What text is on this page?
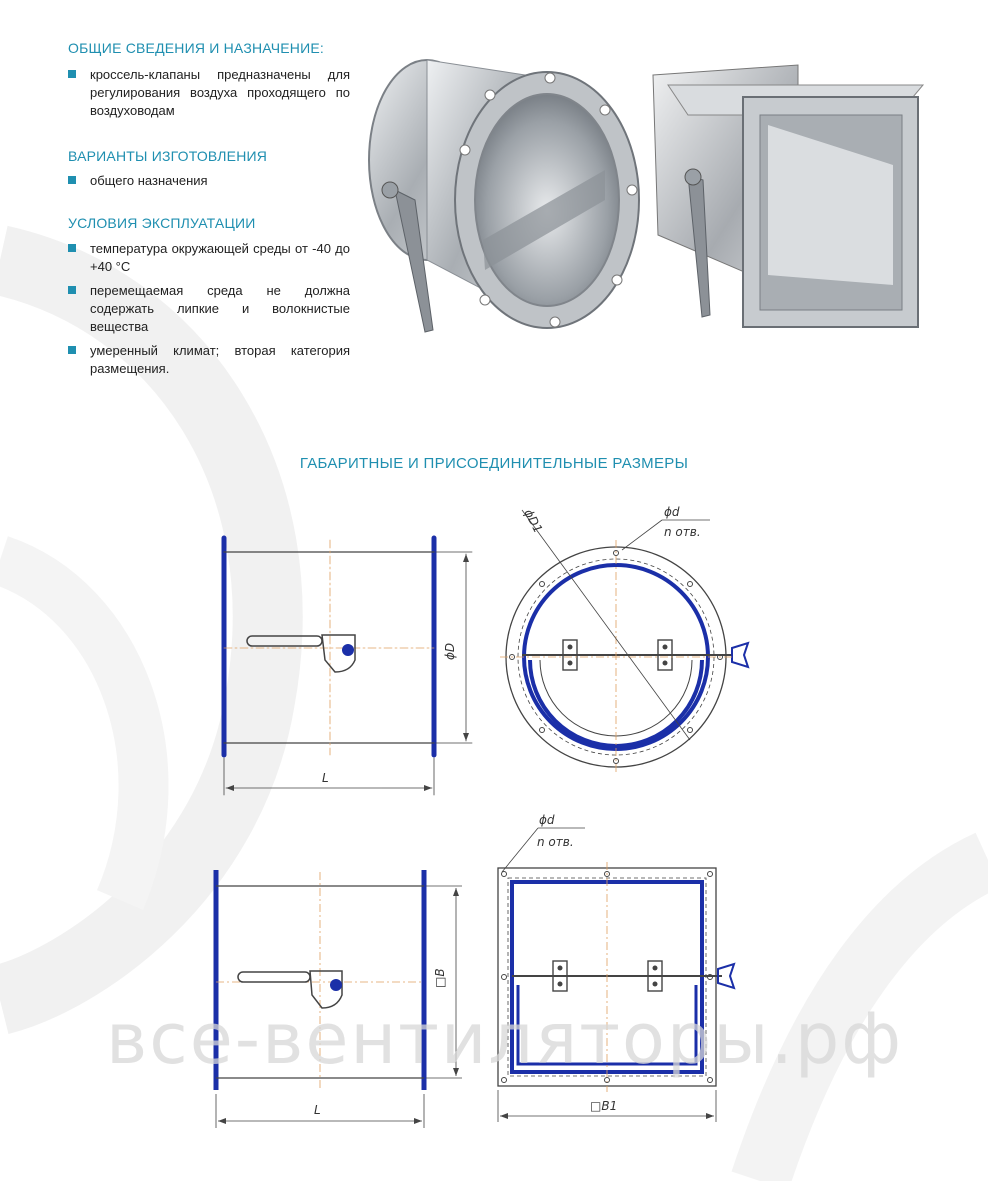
ОБЩИЕ СВЕДЕНИЯ И НАЗНАЧЕНИЕ:
кроссель-клапаны предназначены для регулирования воздуха проходящего по воздуховодам
ВАРИАНТЫ ИЗГОТОВЛЕНИЯ
общего назначения
УСЛОВИЯ ЭКСПЛУАТАЦИИ
температура окружающей среды от -40 до +40 °С
перемещаемая среда не должна содержать липкие и волокнистые вещества
умеренный климат; вторая категория размещения.
ГАБАРИТНЫЕ И ПРИСОЕДИНИТЕЛЬНЫЕ РАЗМЕРЫ
L
ϕD
ϕD1	ϕd
n отв.
L
□B
□B1
ϕd
n отв.
все-вентиляторы.рф
